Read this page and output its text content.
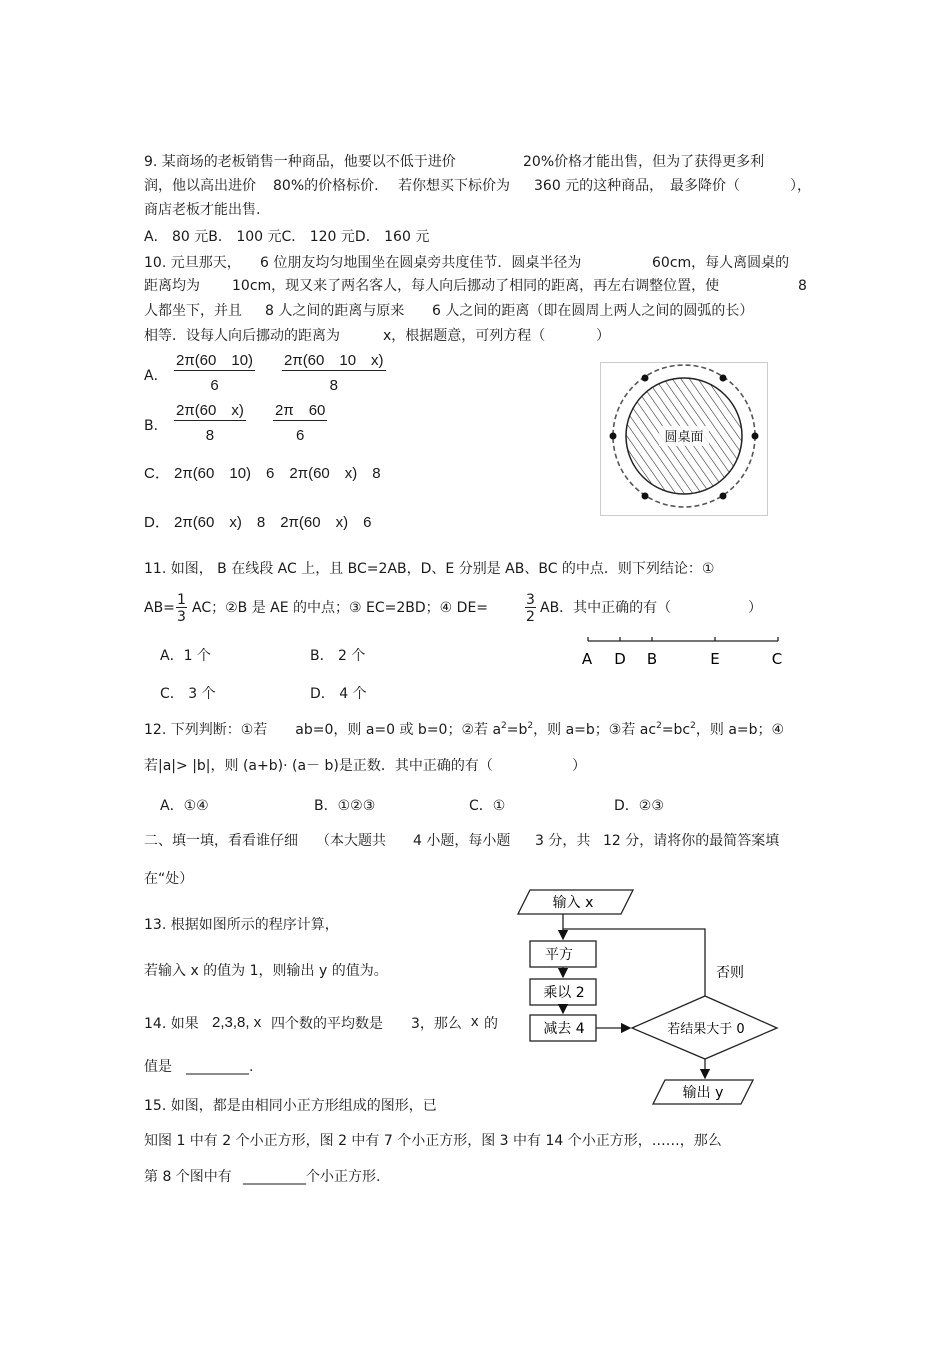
9. 某商场的老板销售一种商品，他要以不低于进价	20%价格才能出售，但为了获得更多利
润，他以高出进价 80%的价格标价. 若你想买下标价为 360 元的这种商品， 最多降价（	），
商店老板才能出售.
A． 80 元B． 100 元C． 120 元D． 160 元
10. 元旦那天， 6 位朋友均匀地围坐在圆桌旁共度佳节．圆桌半径为	60cm，每人离圆桌的
距离均为 10cm，现又来了两名客人，每人向后挪动了相同的距离，再左右调整位置，使	8
人都坐下，并且 8 人之间的距离与原来 6 人之间的距离（即在圆周上两人之间的圆弧的长）
相等．设每人向后挪动的距离为	x，根据题意，可列方程（	）
A． $\frac{2\pi(60 10)}{6} \frac{2\pi(60 10 x)}{8}$
B． $\frac{2\pi(60 x)}{8} \frac{2\pi 60}{6}$
C． 2π(60　10)　6　2π(60　x)　8
D． 2π(60　x)　8　2π(60　x)　6
圆桌面
11. 如图， B 在线段 AC 上，且 BC=2AB，D、E 分别是 AB、BC 的中点．则下列结论：①
$AB= \frac{1}{3}$ AC；②B 是 AE 的中点；③ EC=2BD；④ DE=	$\frac{3}{2}$ AB．其中正确的有（	）
A．1 个	B． 2 个
C． 3 个	D． 4 个
A D B	E	C
12. 下列判断：①若　　 ab=0，则 a=0 或 b=0；②若 $a^2=b^2$，则 a=b；③若 $ac^2=bc^2$，则 a=b；④
若|a|> |b|，则 (a+b)· (a－ b)是正数．其中正确的有（	）
A．①④	B．①②③	C．①	D．②③
二、填一填，看看谁仔细 （本大题共 4 小题，每小题 3 分，共 12 分，请将你的最简答案填
在“处）
13. 根据如图所示的程序计算，
若输入 x 的值为 1，则输出 y 的值为。
输入 x
平方
乘以 2
减去 4	若结果大于 0
否则
输出 y
14. 如果 2,3,8, x 四个数的平均数是 3，那么 x 的
值是 _________.
15. 如图，都是由相同小正方形组成的图形，已
知图 1 中有 2 个小正方形，图 2 中有 7 个小正方形，图 3 中有 14 个小正方形，……，那么
第 8 个图中有 _________个小正方形.
